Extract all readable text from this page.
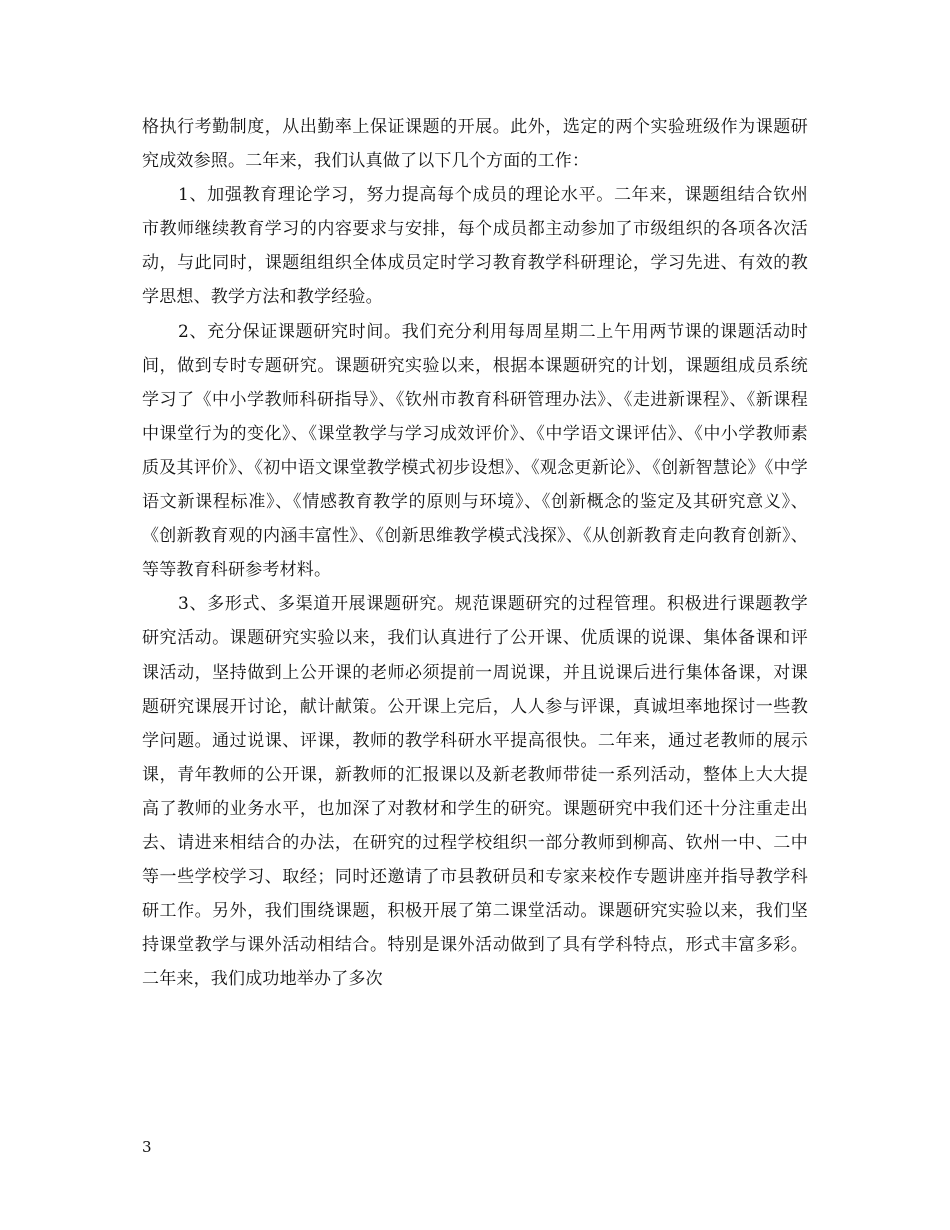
格执行考勤制度，从出勤率上保证课题的开展。此外，选定的两个实验班级作为课题研究成效参照。二年来，我们认真做了以下几个方面的工作：

1、加强教育理论学习，努力提高每个成员的理论水平。二年来，课题组结合钦州市教师继续教育学习的内容要求与安排，每个成员都主动参加了市级组织的各项各次活动，与此同时，课题组组织全体成员定时学习教育教学科研理论，学习先进、有效的教学思想、教学方法和教学经验。

2、充分保证课题研究时间。我们充分利用每周星期二上午用两节课的课题活动时间，做到专时专题研究。课题研究实验以来，根据本课题研究的计划，课题组成员系统学习了《中小学教师科研指导》、《钦州市教育科研管理办法》、《走进新课程》、《新课程中课堂行为的变化》、《课堂教学与学习成效评价》、《中学语文课评估》、《中小学教师素质及其评价》、《初中语文课堂教学模式初步设想》、《观念更新论》、《创新智慧论》《中学语文新课程标准》、《情感教育教学的原则与环境》、《创新概念的鉴定及其研究意义》、《创新教育观的内涵丰富性》、《创新思维教学模式浅探》、《从创新教育走向教育创新》、等等教育科研参考材料。

3、多形式、多渠道开展课题研究。规范课题研究的过程管理。积极进行课题教学研究活动。课题研究实验以来，我们认真进行了公开课、优质课的说课、集体备课和评课活动，坚持做到上公开课的老师必须提前一周说课，并且说课后进行集体备课，对课题研究课展开讨论，献计献策。公开课上完后，人人参与评课，真诚坦率地探讨一些教学问题。通过说课、评课，教师的教学科研水平提高很快。二年来，通过老教师的展示课，青年教师的公开课，新教师的汇报课以及新老教师带徒一系列活动，整体上大大提高了教师的业务水平，也加深了对教材和学生的研究。课题研究中我们还十分注重走出去、请进来相结合的办法，在研究的过程学校组织一部分教师到柳高、钦州一中、二中等一些学校学习、取经；同时还邀请了市县教研员和专家来校作专题讲座并指导教学科研工作。另外，我们围绕课题，积极开展了第二课堂活动。课题研究实验以来，我们坚持课堂教学与课外活动相结合。特别是课外活动做到了具有学科特点，形式丰富多彩。二年来，我们成功地举办了多次

3
